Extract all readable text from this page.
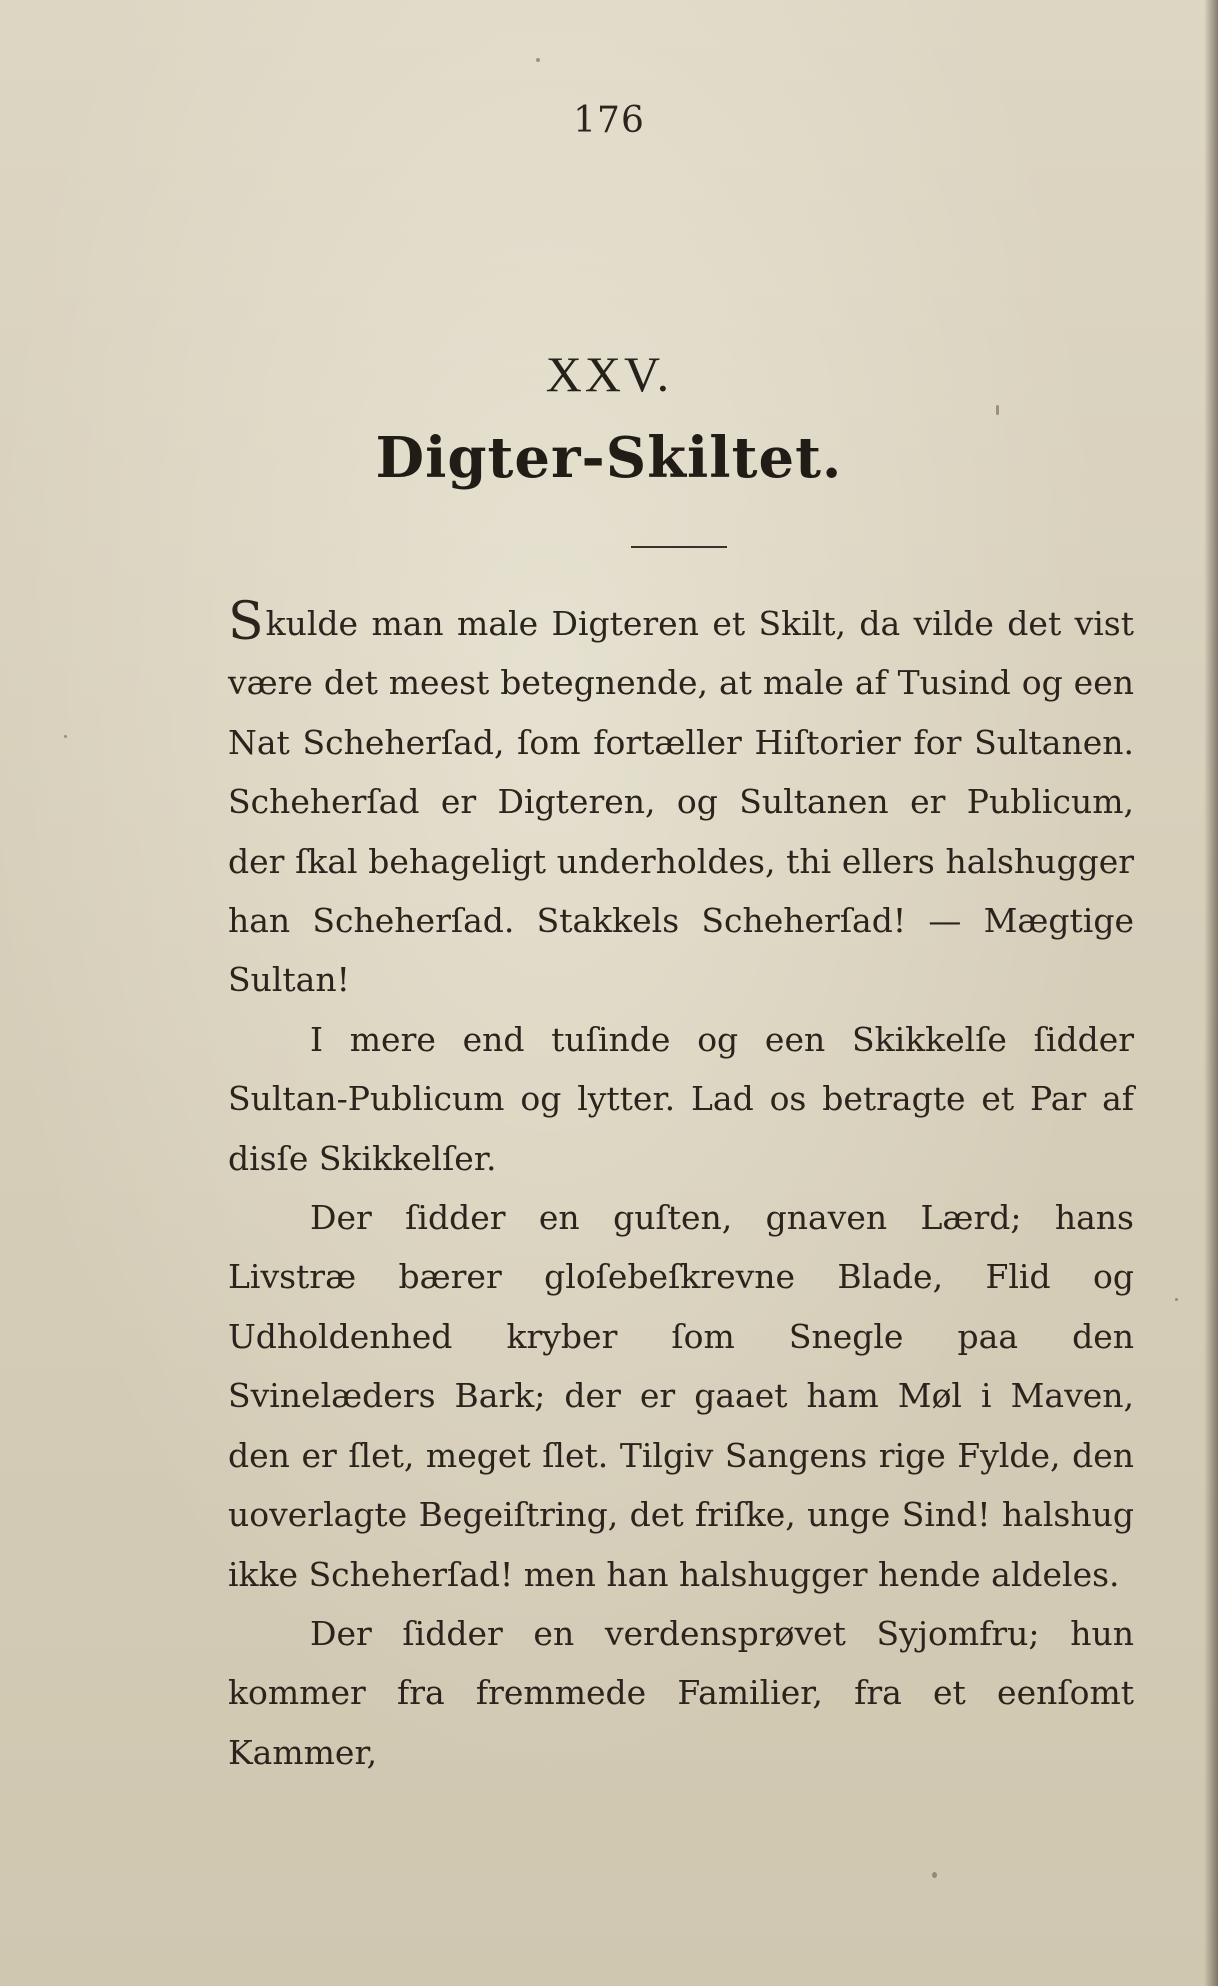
176
XXV.
Digter-Skiltet.

Skulde man male Digteren et Skilt, da vilde det vist være det meest betegnende, at male af Tusind og een Nat Scheherſad, ſom fortæller Hiſtorier for Sultanen. Scheherſad er Digteren, og Sultanen er Publicum, der ſkal behageligt underholdes, thi ellers halshugger han Scheherſad. Stakkels Scheherſad! — Mægtige Sultan!

I mere end tuſinde og een Skikkelſe ſidder Sultan-Publicum og lytter. Lad os betragte et Par af disſe Skikkelſer.

Der ſidder en guſten, gnaven Lærd; hans Livstræ bærer gloſebeſkrevne Blade, Flid og Udholdenhed kryber ſom Snegle paa den Svinelæders Bark; der er gaaet ham Møl i Maven, den er ſlet, meget ſlet. Tilgiv Sangens rige Fylde, den uoverlagte Begeiſtring, det friſke, unge Sind! halshug ikke Scheherſad! men han halshugger hende aldeles.

Der ſidder en verdensprøvet Syjomfru; hun kommer fra fremmede Familier, fra et eenſomt Kammer,
